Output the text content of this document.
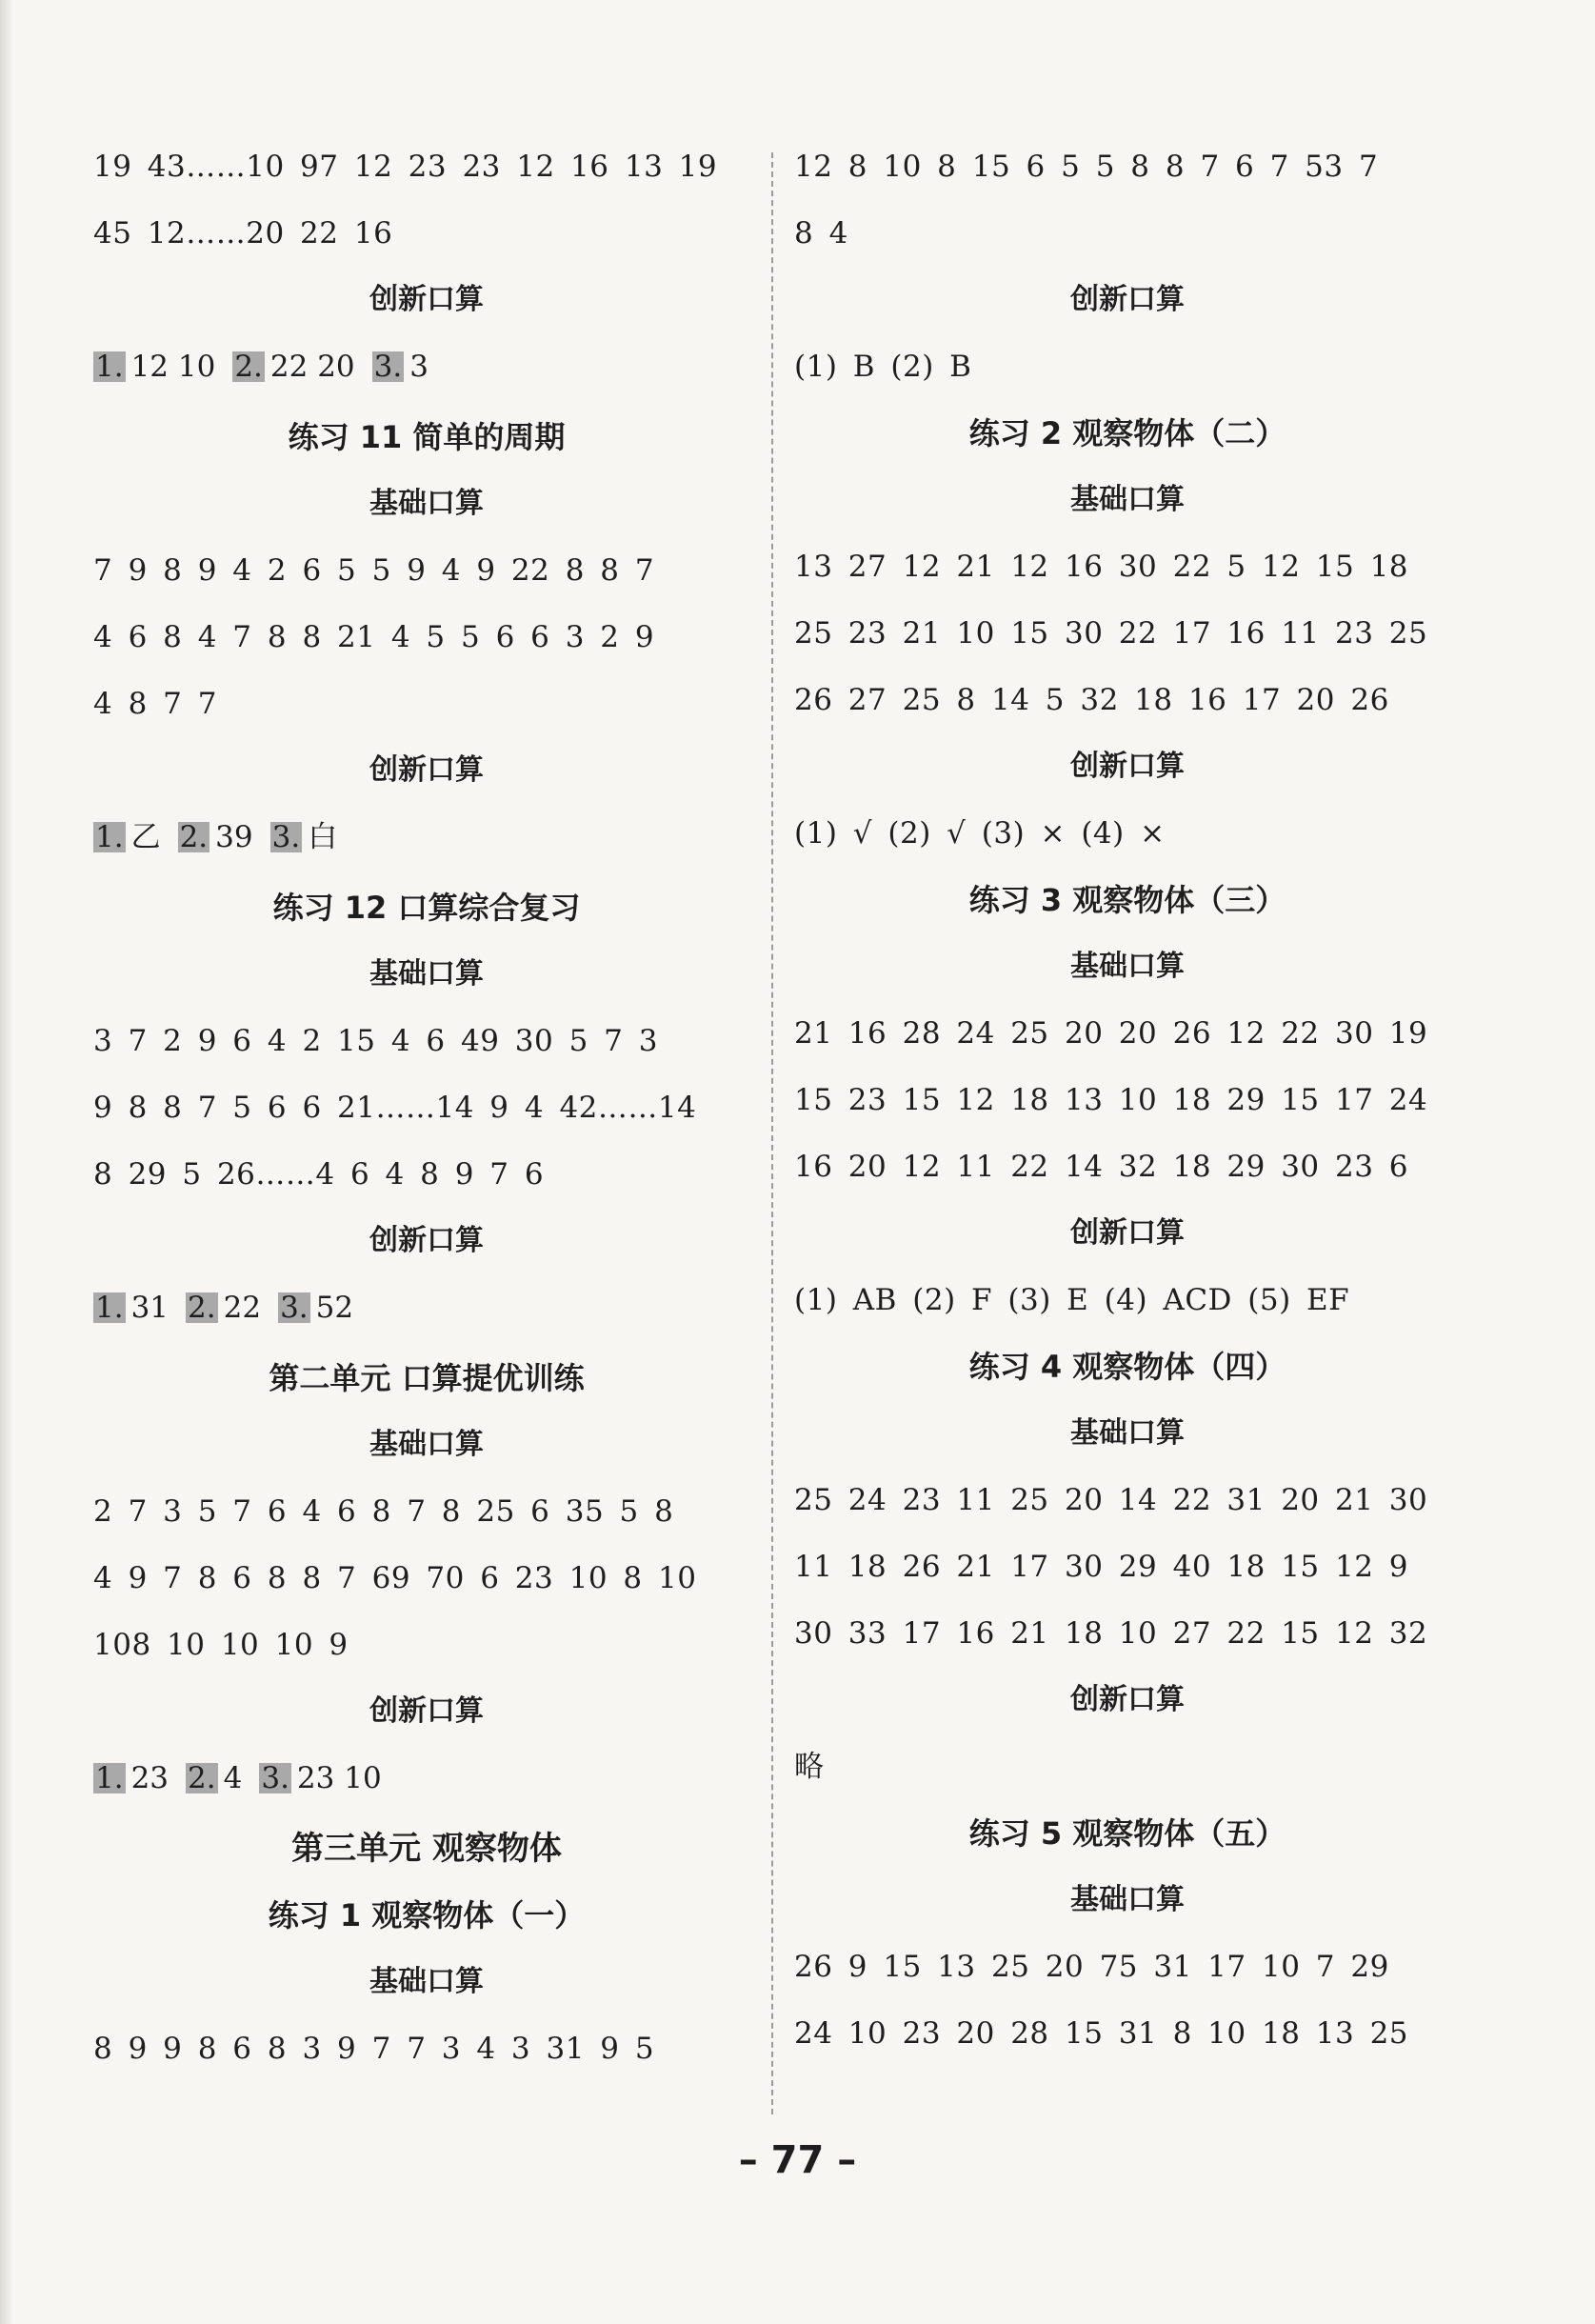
19 43……10 97 12 23 23 12 16 13 19
45 12……20 22 16
创新口算
1. 12 10 2. 22 20 3. 3
练习 11 简单的周期
基础口算
7 9 8 9 4 2 6 5 5 9 4 9 22 8 8 7
4 6 8 4 7 8 8 21 4 5 5 6 6 3 2 9
4 8 7 7
创新口算
1. 乙 2. 39 3. 白
练习 12 口算综合复习
基础口算
3 7 2 9 6 4 2 15 4 6 49 30 5 7 3
9 8 8 7 5 6 6 21……14 9 4 42……14
8 29 5 26……4 6 4 8 9 7 6
创新口算
1. 31 2. 22 3. 52
第二单元 口算提优训练
基础口算
2 7 3 5 7 6 4 6 8 7 8 25 6 35 5 8
4 9 7 8 6 8 8 7 69 70 6 23 10 8 10
108 10 10 10 9
创新口算
1. 23 2. 4 3. 23 10
第三单元 观察物体
练习 1 观察物体（一）
基础口算
8 9 9 8 6 8 3 9 7 7 3 4 3 31 9 5
12 8 10 8 15 6 5 5 8 8 7 6 7 53 7
8 4
创新口算
(1) B (2) B
练习 2 观察物体（二）
基础口算
13 27 12 21 12 16 30 22 5 12 15 18
25 23 21 10 15 30 22 17 16 11 23 25
26 27 25 8 14 5 32 18 16 17 20 26
创新口算
(1) √ (2) √ (3) × (4) ×
练习 3 观察物体（三）
基础口算
21 16 28 24 25 20 20 26 12 22 30 19
15 23 15 12 18 13 10 18 29 15 17 24
16 20 12 11 22 14 32 18 29 30 23 6
创新口算
(1) AB (2) F (3) E (4) ACD (5) EF
练习 4 观察物体（四）
基础口算
25 24 23 11 25 20 14 22 31 20 21 30
11 18 26 21 17 30 29 40 18 15 12 9
30 33 17 16 21 18 10 27 22 15 12 32
创新口算
略
练习 5 观察物体（五）
基础口算
26 9 15 13 25 20 75 31 17 10 7 29
24 10 23 20 28 15 31 8 10 18 13 25
– 77 –
